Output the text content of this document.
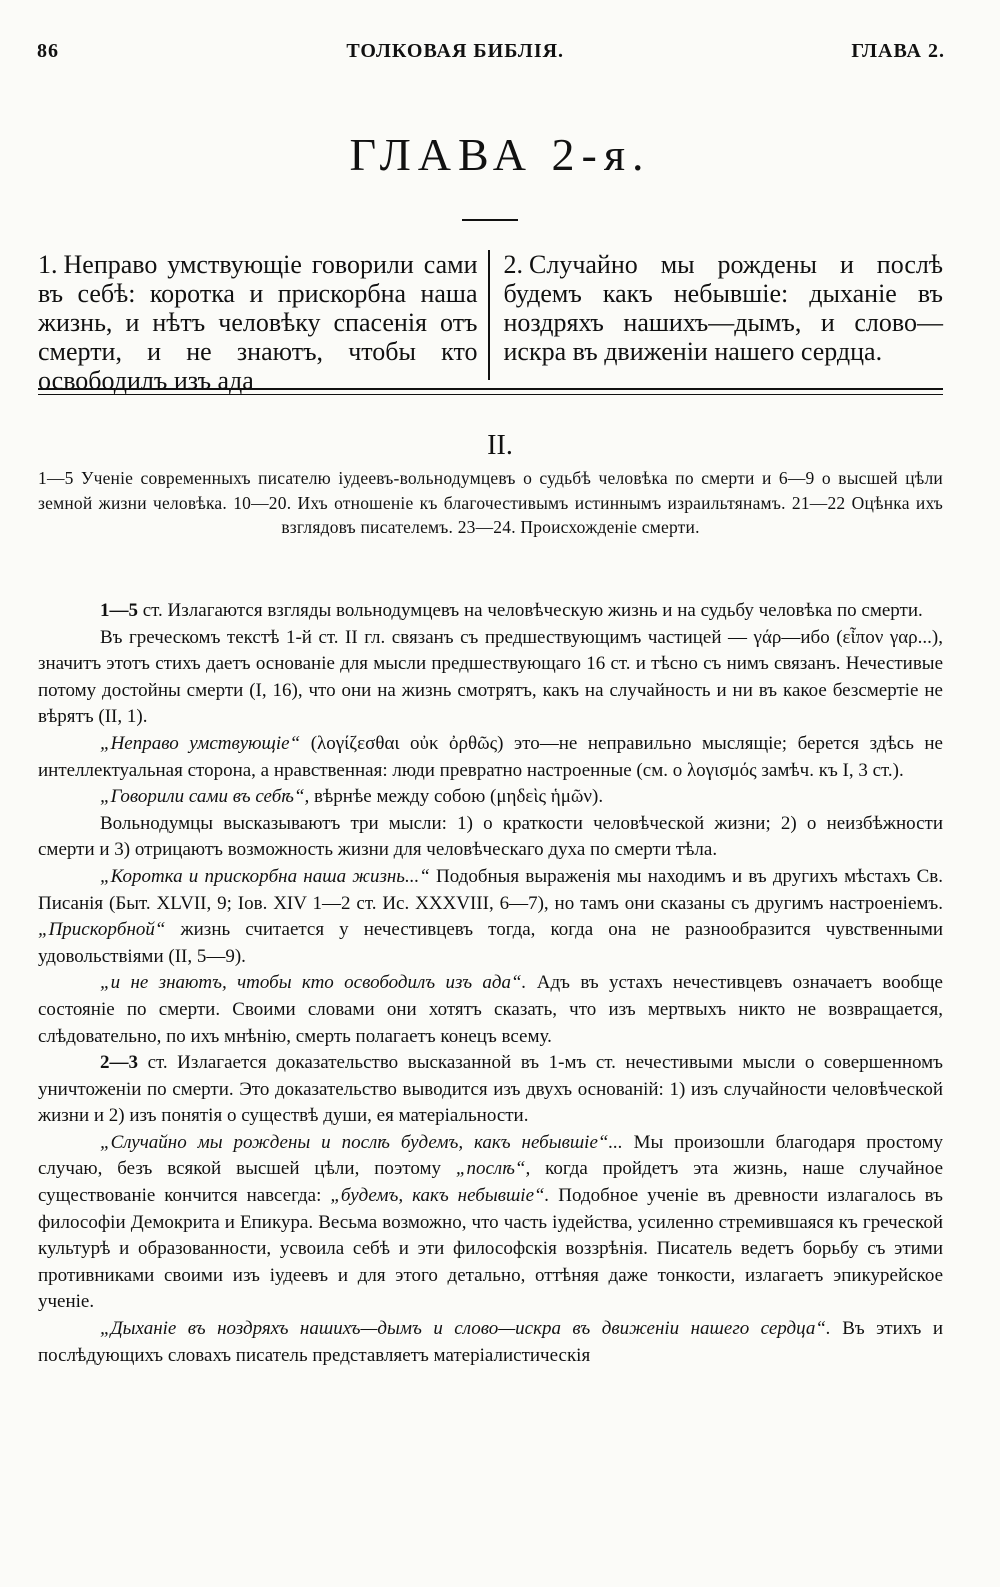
86	ТОЛКОВАЯ БИБЛІЯ.	ГЛАВА 2.
ГЛАВА 2-я.
1. Неправо умствующіе говорили сами въ себѣ: коротка и прискорбна наша жизнь, и нѣтъ человѣку спасенія отъ смерти, и не знаютъ, чтобы кто освободилъ изъ ада
2. Случайно мы рождены и послѣ будемъ какъ небывшіе: дыханіе въ ноздряхъ нашихъ—дымъ, и слово—искра въ движеніи нашего сердца.
II.
1—5 Ученіе современныхъ писателю іудеевъ-вольнодумцевъ о судьбѣ человѣка по смерти и 6—9 о высшей цѣли земной жизни человѣка. 10—20. Ихъ отношеніе къ благочестивымъ истиннымъ израильтянамъ. 21—22 Оцѣнка ихъ взглядовъ писателемъ. 23—24. Происхожденіе смерти.

1—5 ст. Излагаются взгляды вольнодумцевъ на человѣческую жизнь и на судьбу человѣка по смерти.

Въ греческомъ текстѣ 1-й ст. II гл. связанъ съ предшествующимъ частицей — γάρ—ибо (εἶπον γαρ...), значитъ этотъ стихъ даетъ основаніе для мысли предшествующаго 16 ст. и тѣсно съ нимъ связанъ. Нечестивые потому достойны смерти (I, 16), что они на жизнь смотрятъ, какъ на случайность и ни въ какое безсмертіе не вѣрятъ (II, 1).

„Неправо умствующіе“ (λογίζεσθαι οὐκ ὀρθῶς) это—не неправильно мыслящіе; берется здѣсь не интеллектуальная сторона, а нравственная: люди превратно настроенные (см. о λογισμός замѣч. къ I, 3 ст.).

„Говорили сами въ себѣ“, вѣрнѣе между собою (μηδεὶς ἡμῶν).

Вольнодумцы высказываютъ три мысли: 1) о краткости человѣческой жизни; 2) о неизбѣжности смерти и 3) отрицаютъ возможность жизни для человѣческаго духа по смерти тѣла.

„Коротка и прискорбна наша жизнь...“ Подобныя выраженія мы находимъ и въ другихъ мѣстахъ Св. Писанія (Быт. XLVII, 9; Іов. XIV 1—2 ст. Ис. XXXVIII, 6—7), но тамъ они сказаны съ другимъ настроеніемъ. „Прискорбной“ жизнь считается у нечестивцевъ тогда, когда она не разнообразится чувственными удовольствіями (II, 5—9).

„и не знаютъ, чтобы кто освободилъ изъ ада“. Адъ въ устахъ нечестивцевъ означаетъ вообще состояніе по смерти. Своими словами они хотятъ сказать, что изъ мертвыхъ никто не возвращается, слѣдовательно, по ихъ мнѣнію, смерть полагаетъ конецъ всему.

2—3 ст. Излагается доказательство высказанной въ 1-мъ ст. нечестивыми мысли о совершенномъ уничтоженіи по смерти. Это доказательство выводится изъ двухъ основаній: 1) изъ случайности человѣческой жизни и 2) изъ понятія о существѣ души, ея матеріальности.

„Случайно мы рождены и послѣ будемъ, какъ небывшіе“... Мы произошли благодаря простому случаю, безъ всякой высшей цѣли, поэтому „послѣ“, когда пройдетъ эта жизнь, наше случайное существованіе кончится навсегда: „будемъ, какъ небывшіе“. Подобное ученіе въ древности излагалось въ философіи Демокрита и Епикура. Весьма возможно, что часть іудейства, усиленно стремившаяся къ греческой культурѣ и образованности, усвоила себѣ и эти философскія воззрѣнія. Писатель ведетъ борьбу съ этими противниками своими изъ іудеевъ и для этого детально, оттѣняя даже тонкости, излагаетъ эпикурейское ученіе.

„Дыханіе въ ноздряхъ нашихъ—дымъ и слово—искра въ движеніи нашего сердца“. Въ этихъ и послѣдующихъ словахъ писатель представляетъ матеріалистическія
